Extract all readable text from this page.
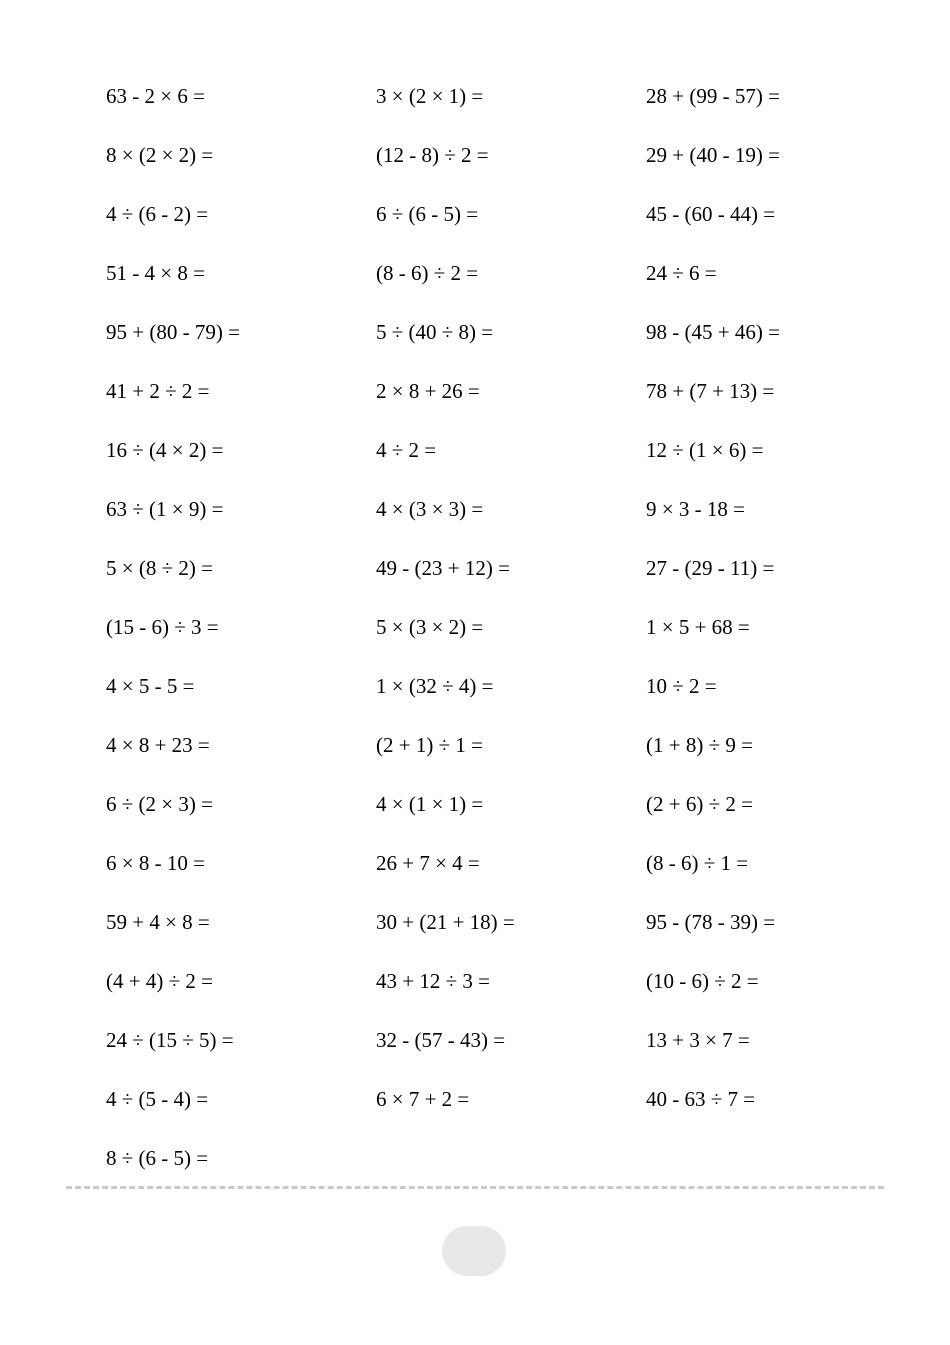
63 - 2 × 6 =
8 × (2 × 2) =
4 ÷ (6 - 2) =
51 - 4 × 8 =
95 + (80 - 79) =
41 + 2 ÷ 2 =
16 ÷ (4 × 2) =
63 ÷ (1 × 9) =
5 × (8 ÷ 2) =
(15 - 6) ÷ 3 =
4 × 5 - 5 =
4 × 8 + 23 =
6 ÷ (2 × 3) =
6 × 8 - 10 =
59 + 4 × 8 =
(4 + 4) ÷ 2 =
24 ÷ (15 ÷ 5) =
4 ÷ (5 - 4) =
8 ÷ (6 - 5) =
3 × (2 × 1) =
(12 - 8) ÷ 2 =
6 ÷ (6 - 5) =
(8 - 6) ÷ 2 =
5 ÷ (40 ÷ 8) =
2 × 8 + 26 =
4 ÷ 2 =
4 × (3 × 3) =
49 - (23 + 12) =
5 × (3 × 2) =
1 × (32 ÷ 4) =
(2 + 1) ÷ 1 =
4 × (1 × 1) =
26 + 7 × 4 =
30 + (21 + 18) =
43 + 12 ÷ 3 =
32 - (57 - 43) =
6 × 7 + 2 =
28 + (99 - 57) =
29 + (40 - 19) =
45 - (60 - 44) =
24 ÷ 6 =
98 - (45 + 46) =
78 + (7 + 13) =
12 ÷ (1 × 6) =
9 × 3 - 18 =
27 - (29 - 11) =
1 × 5 + 68 =
10 ÷ 2 =
(1 + 8) ÷ 9 =
(2 + 6) ÷ 2 =
(8 - 6) ÷ 1 =
95 - (78 - 39) =
(10 - 6) ÷ 2 =
13 + 3 × 7 =
40 - 63 ÷ 7 =
